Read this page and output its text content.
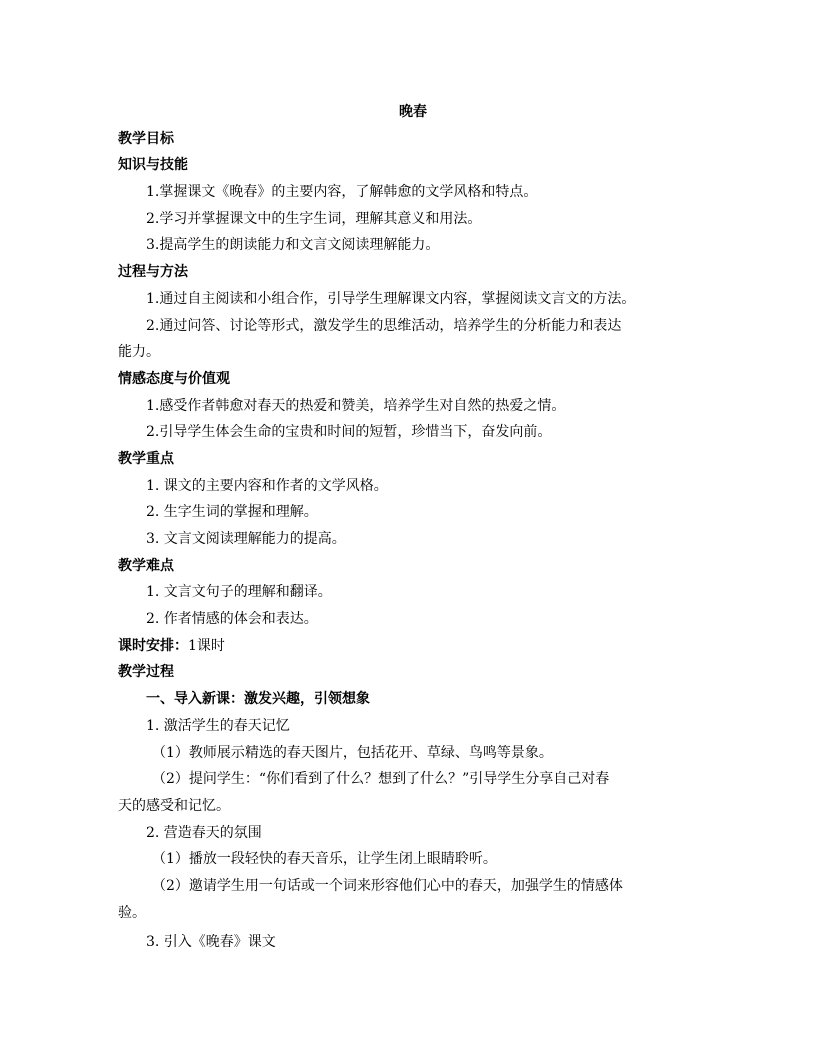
晚春
教学目标
知识与技能
1.掌握课文《晚春》的主要内容，了解韩愈的文学风格和特点。
2.学习并掌握课文中的生字生词，理解其意义和用法。
3.提高学生的朗读能力和文言文阅读理解能力。
过程与方法
1.通过自主阅读和小组合作，引导学生理解课文内容，掌握阅读文言文的方法。
2.通过问答、讨论等形式，激发学生的思维活动，培养学生的分析能力和表达
能力。
情感态度与价值观
1.感受作者韩愈对春天的热爱和赞美，培养学生对自然的热爱之情。
2.引导学生体会生命的宝贵和时间的短暂，珍惜当下，奋发向前。
教学重点
1. 课文的主要内容和作者的文学风格。
2. 生字生词的掌握和理解。
3. 文言文阅读理解能力的提高。
教学难点
1. 文言文句子的理解和翻译。
2. 作者情感的体会和表达。
课时安排：1课时
教学过程
一、导入新课：激发兴趣，引领想象
1. 激活学生的春天记忆
（1）教师展示精选的春天图片，包括花开、草绿、鸟鸣等景象。
（2）提问学生：“你们看到了什么？想到了什么？”引导学生分享自己对春
天的感受和记忆。
2. 营造春天的氛围
（1）播放一段轻快的春天音乐，让学生闭上眼睛聆听。
（2）邀请学生用一句话或一个词来形容他们心中的春天，加强学生的情感体
验。
3. 引入《晚春》课文
